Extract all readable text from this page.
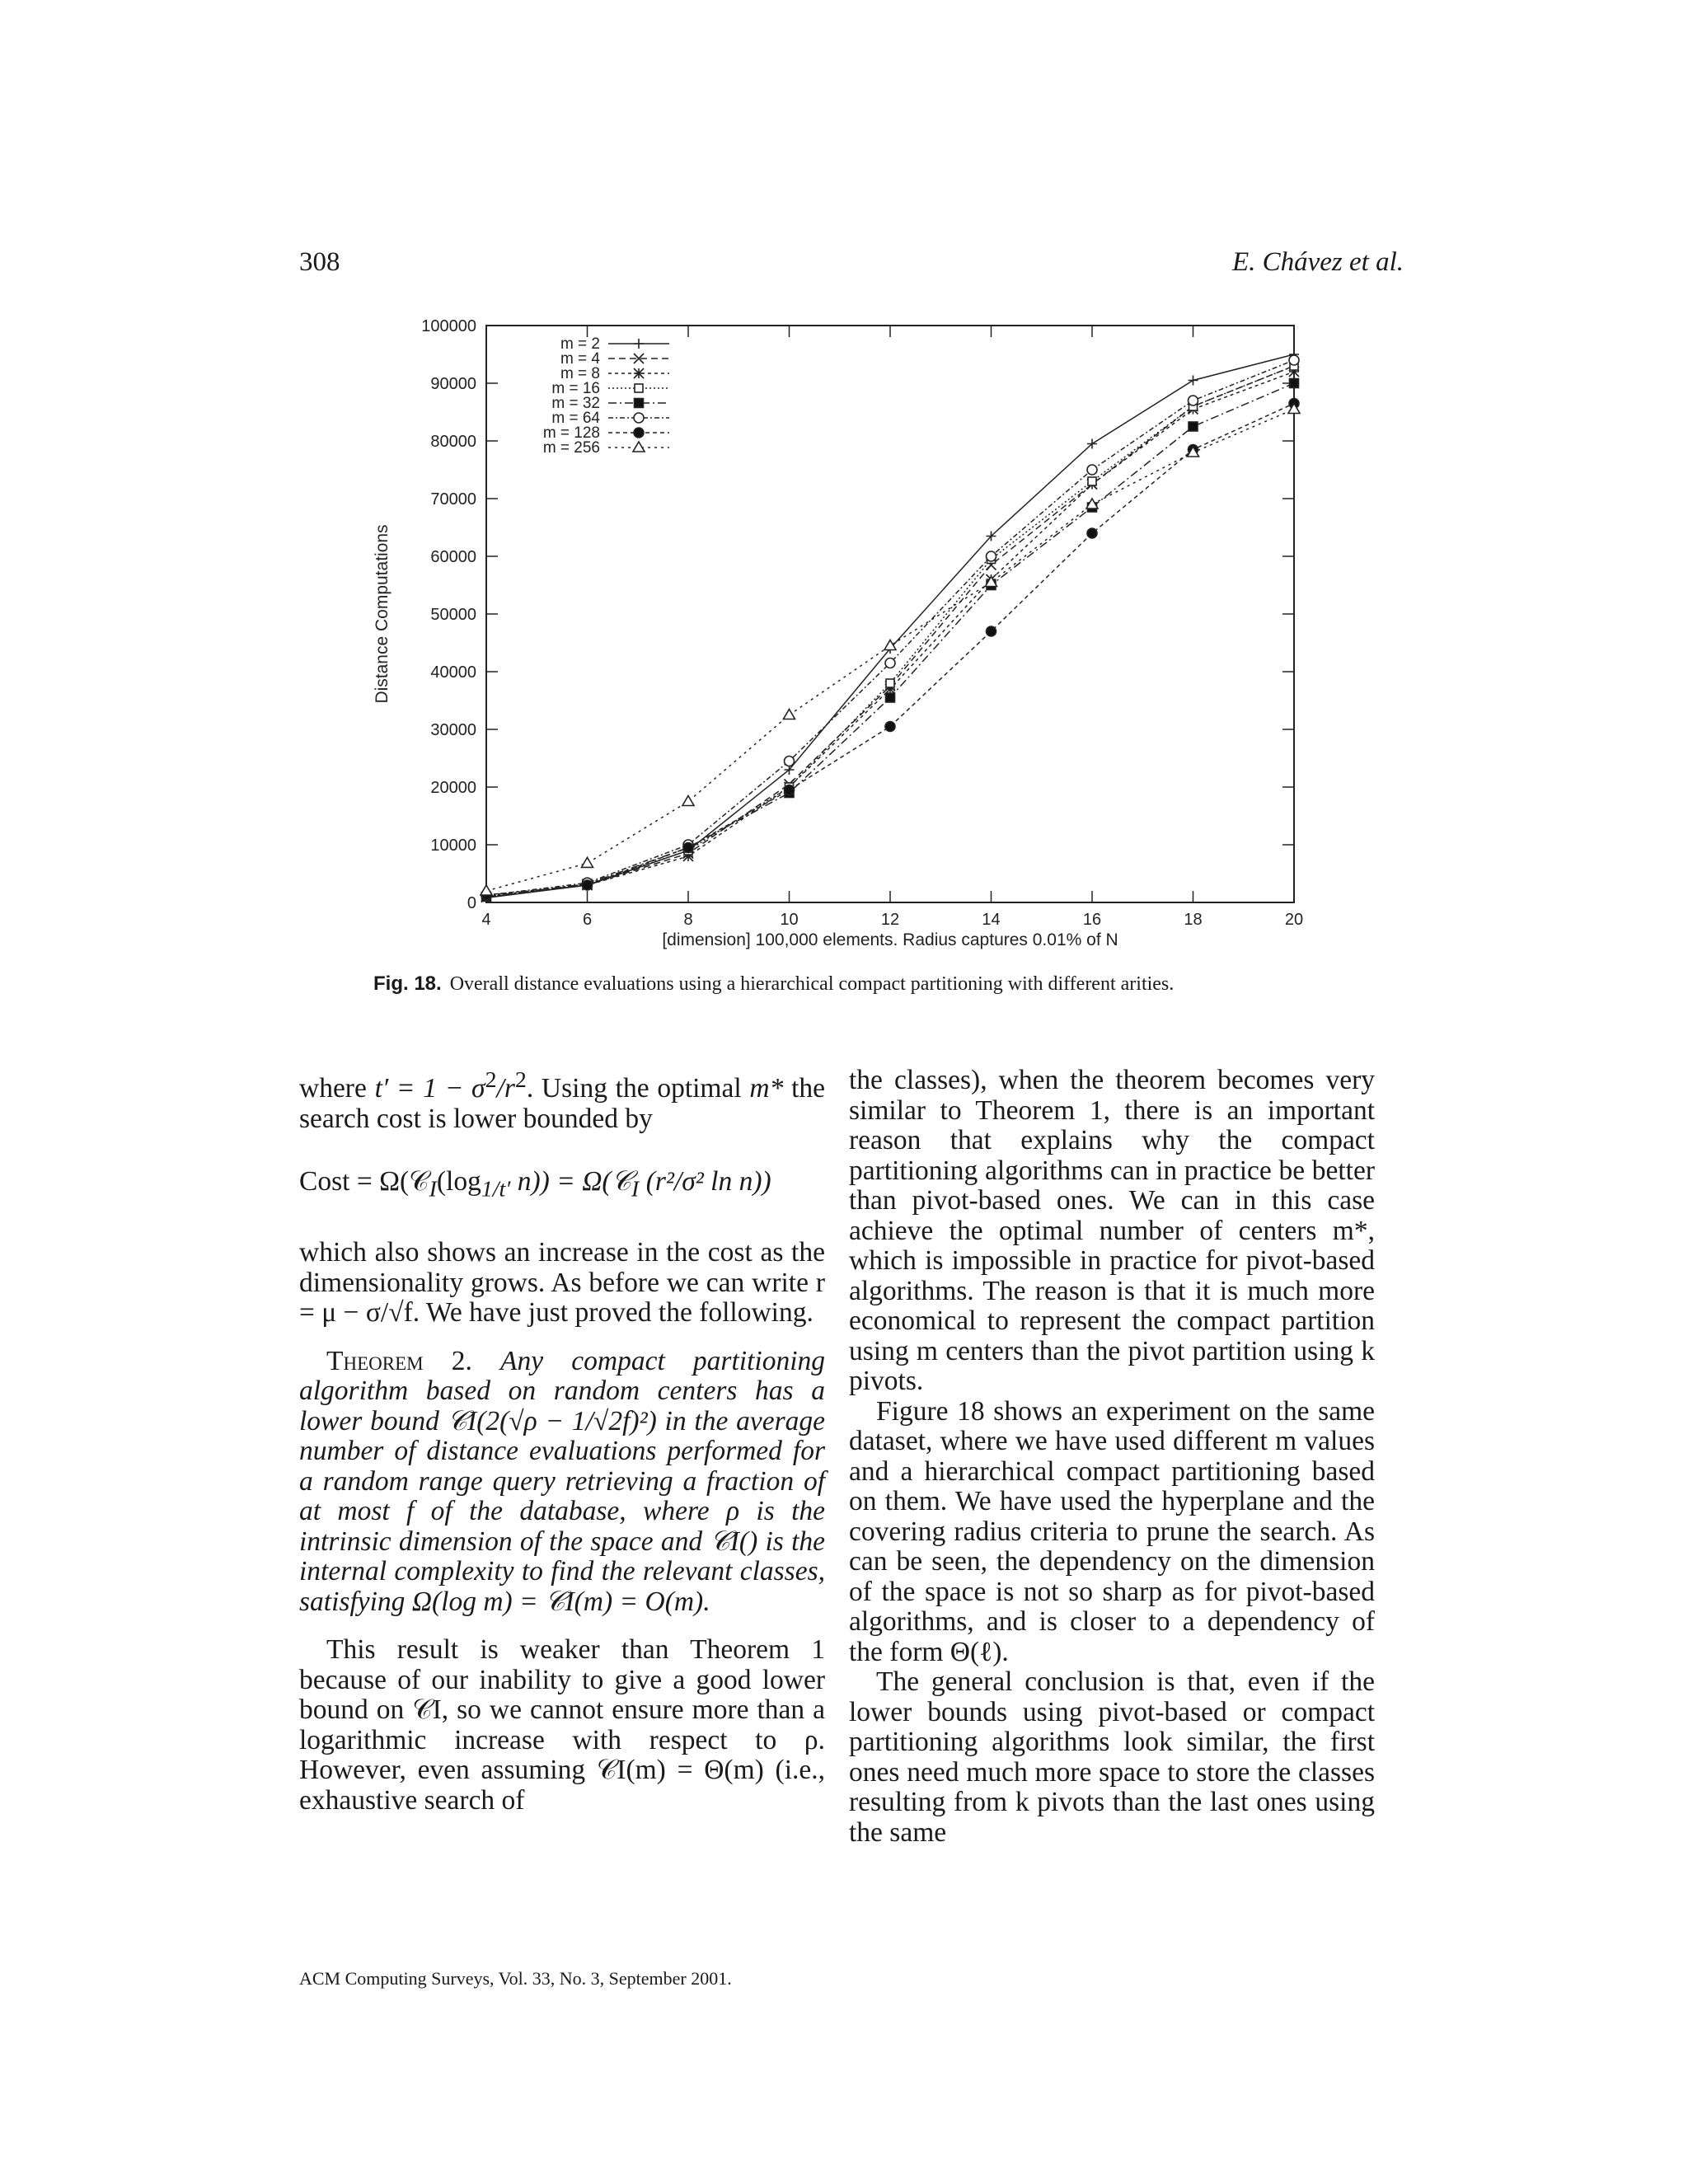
308	E. Chávez et al.
0
10000
20000
30000
40000
50000
60000
70000
80000
90000
100000
4	6	8	10	12	14	16	18	20
[dimension] 100,000 elements. Radius captures 0.01% of N
Distance Computations
m = 2
m = 4
m = 8
m = 16
m = 32
m = 64
m = 128
m = 256
Fig. 18. Overall distance evaluations using a hierarchical compact partitioning with different arities.

where $t' = 1 - \sigma^2/r^2$. Using the optimal m* the search cost is lower bounded by

Cost = $\Omega(𝒞_I(\log_{1/t'}$ n)) = Ω(𝒞$_I$ (r²/σ² ln n))

which also shows an increase in the cost as the dimensionality grows. As before we can write r = μ − σ/√f. We have just proved the following.

Theorem 2. Any compact partitioning algorithm based on random centers has a lower bound 𝒞I(2(√ρ − 1/√2f)²) in the average number of distance evaluations performed for a random range query retrieving a fraction of at most f of the database, where ρ is the intrinsic dimension of the space and 𝒞I() is the internal complexity to find the relevant classes, satisfying Ω(log m) = 𝒞I(m) = O(m).

This result is weaker than Theorem 1 because of our inability to give a good lower bound on 𝒞I, so we cannot ensure more than a logarithmic increase with respect to ρ. However, even assuming 𝒞I(m) = Θ(m) (i.e., exhaustive search of

the classes), when the theorem becomes very similar to Theorem 1, there is an important reason that explains why the compact partitioning algorithms can in practice be better than pivot-based ones. We can in this case achieve the optimal number of centers m*, which is impossible in practice for pivot-based algorithms. The reason is that it is much more economical to represent the compact partition using m centers than the pivot partition using k pivots.

Figure 18 shows an experiment on the same dataset, where we have used different m values and a hierarchical compact partitioning based on them. We have used the hyperplane and the covering radius criteria to prune the search. As can be seen, the dependency on the dimension of the space is not so sharp as for pivot-based algorithms, and is closer to a dependency of the form Θ(ℓ).

The general conclusion is that, even if the lower bounds using pivot-based or compact partitioning algorithms look similar, the first ones need much more space to store the classes resulting from k pivots than the last ones using the same

ACM Computing Surveys, Vol. 33, No. 3, September 2001.
